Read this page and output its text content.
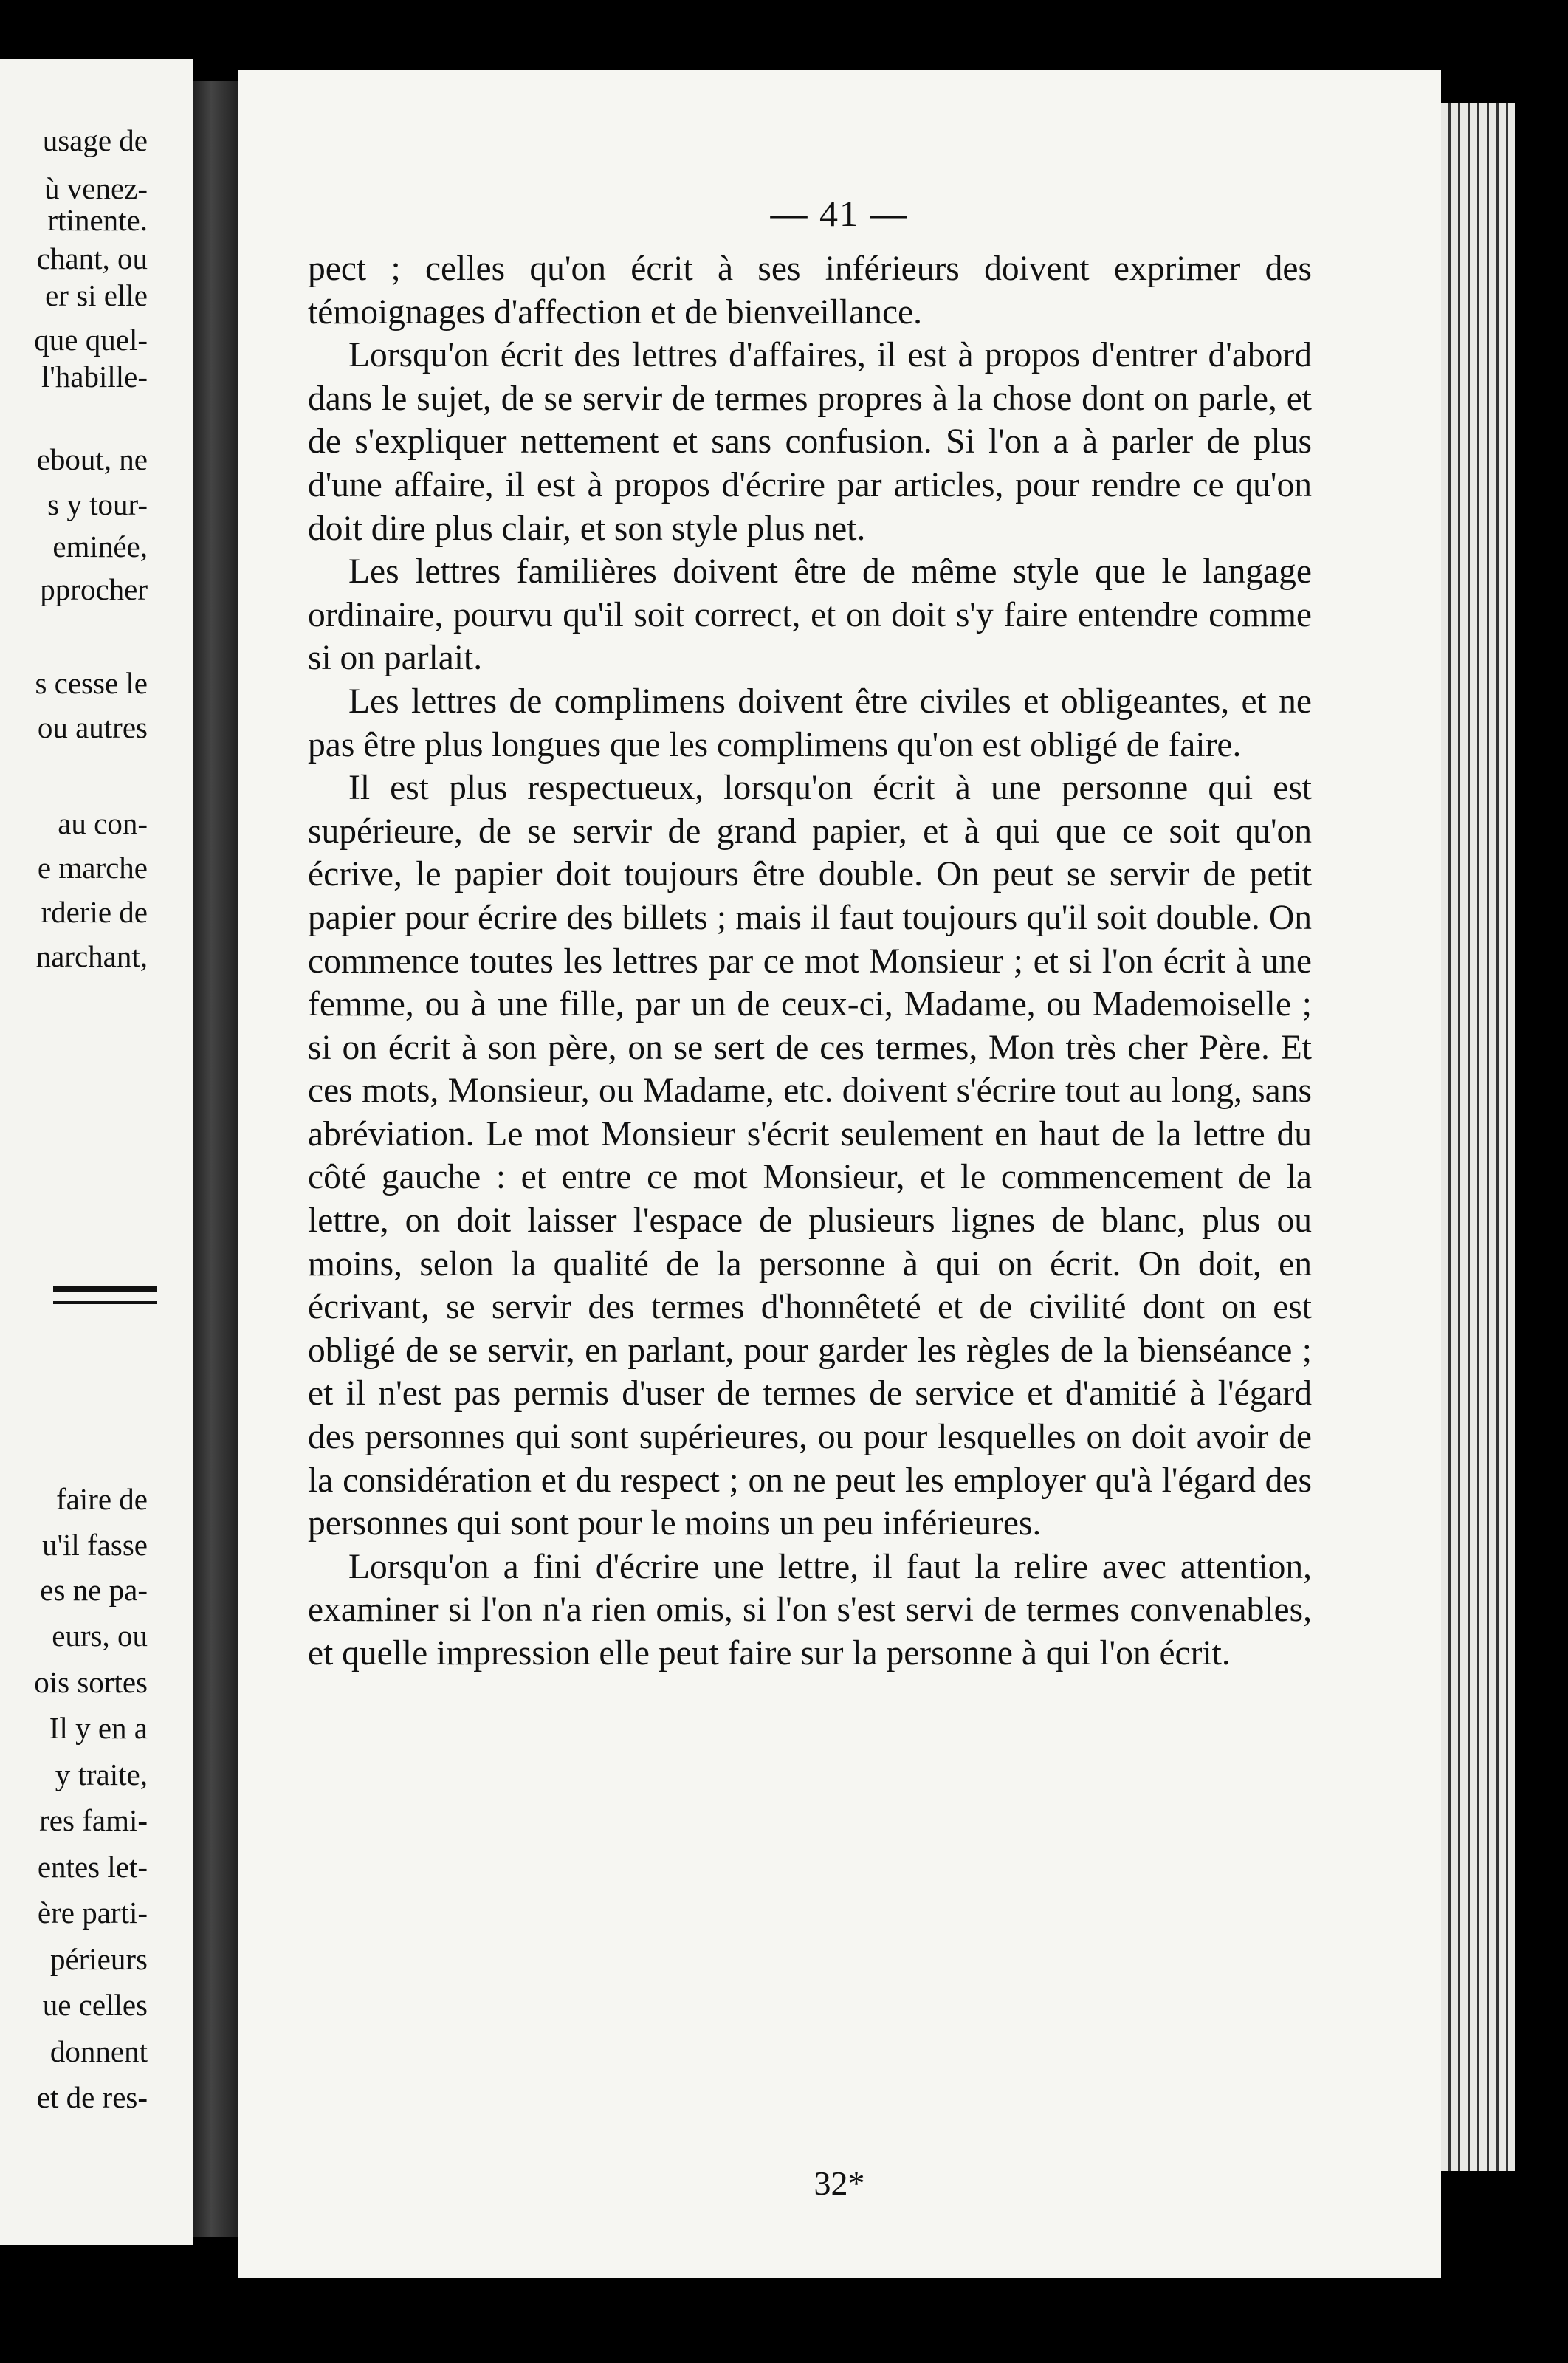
usage de
ù venez-
rtinente.
chant, ou
er si elle
que quel-
l'habille-
ebout, ne
s y tour-
eminée,
pprocher
s cesse le
ou autres
au con-
e marche
rderie de
narchant,
faire de
u'il fasse
es ne pa-
eurs, ou
ois sortes
Il y en a
y traite,
res fami-
entes let-
ère parti-
périeurs
ue celles
donnent
et de res-
— 41 —

pect ; celles qu'on écrit à ses inférieurs doivent exprimer des témoignages d'affection et de bienveillance.

Lorsqu'on écrit des lettres d'affaires, il est à propos d'entrer d'abord dans le sujet, de se servir de termes propres à la chose dont on parle, et de s'expliquer nettement et sans confusion. Si l'on a à parler de plus d'une affaire, il est à propos d'écrire par articles, pour rendre ce qu'on doit dire plus clair, et son style plus net.

Les lettres familières doivent être de même style que le langage ordinaire, pourvu qu'il soit correct, et on doit s'y faire entendre comme si on parlait.

Les lettres de complimens doivent être civiles et obligeantes, et ne pas être plus longues que les complimens qu'on est obligé de faire.

Il est plus respectueux, lorsqu'on écrit à une personne qui est supérieure, de se servir de grand papier, et à qui que ce soit qu'on écrive, le papier doit toujours être double. On peut se servir de petit papier pour écrire des billets ; mais il faut toujours qu'il soit double. On commence toutes les lettres par ce mot Monsieur ; et si l'on écrit à une femme, ou à une fille, par un de ceux-ci, Madame, ou Mademoiselle ; si on écrit à son père, on se sert de ces termes, Mon très cher Père. Et ces mots, Monsieur, ou Madame, etc. doivent s'écrire tout au long, sans abréviation. Le mot Monsieur s'écrit seulement en haut de la lettre du côté gauche : et entre ce mot Monsieur, et le commencement de la lettre, on doit laisser l'espace de plusieurs lignes de blanc, plus ou moins, selon la qualité de la personne à qui on écrit. On doit, en écrivant, se servir des termes d'honnêteté et de civilité dont on est obligé de se servir, en parlant, pour garder les règles de la bienséance ; et il n'est pas permis d'user de termes de service et d'amitié à l'égard des personnes qui sont supérieures, ou pour lesquelles on doit avoir de la considération et du respect ; on ne peut les employer qu'à l'égard des personnes qui sont pour le moins un peu inférieures.

Lorsqu'on a fini d'écrire une lettre, il faut la relire avec attention, examiner si l'on n'a rien omis, si l'on s'est servi de termes convenables, et quelle impression elle peut faire sur la personne à qui l'on écrit.

32*
